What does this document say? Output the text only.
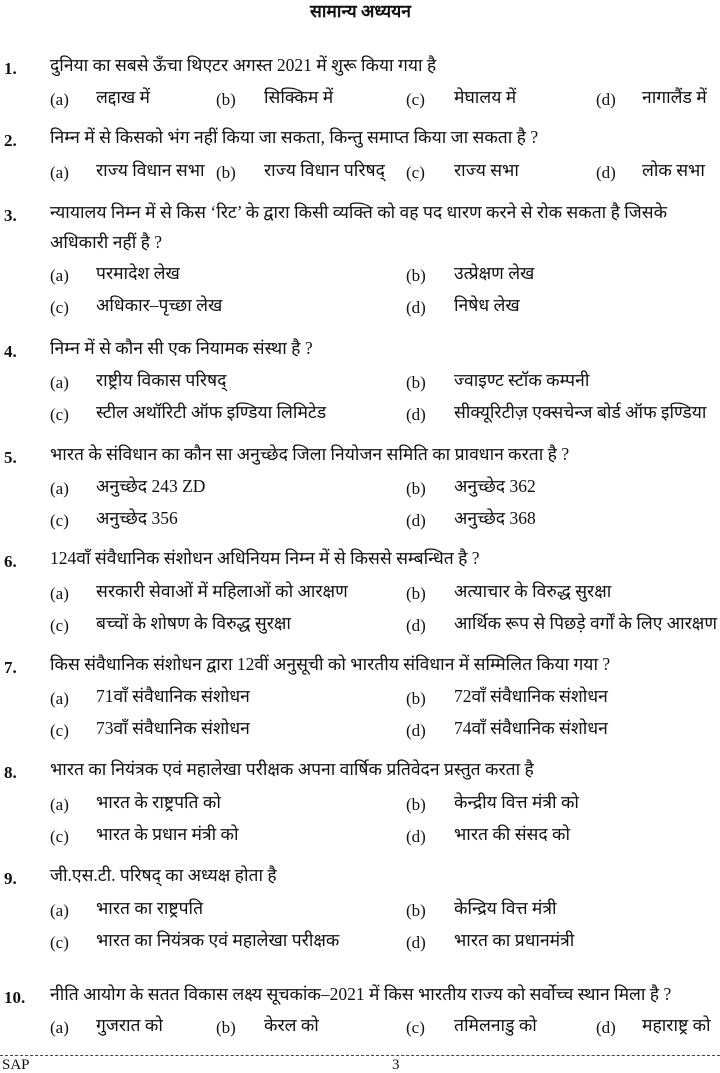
सामान्य अध्ययन
1. दुनिया का सबसे ऊँचा थिएटर अगस्त 2021 में शुरू किया गया है
(a) लद्दाख में	(b) सिक्किम में	(c) मेघालय में	(d) नागालैंड में
2. निम्न में से किसको भंग नहीं किया जा सकता, किन्तु समाप्त किया जा सकता है ?
(a) राज्य विधान सभा (b) राज्य विधान परिषद् (c) राज्य सभा	(d) लोक सभा
3. न्यायालय निम्न में से किस ‘रिट’ के द्वारा किसी व्यक्ति को वह पद धारण करने से रोक सकता है जिसके
अधिकारी नहीं है ?
(a) परमादेश लेख	(b) उत्प्रेक्षण लेख
(c) अधिकार–पृच्छा लेख	(d) निषेध लेख
4. निम्न में से कौन सी एक नियामक संस्था है ?
(a) राष्ट्रीय विकास परिषद्	(b) ज्वाइण्ट स्टॉक कम्पनी
(c) स्टील अथॉरिटी ऑफ इण्डिया लिमिटेड	(d) सीक्यूरिटीज़ एक्सचेन्ज बोर्ड ऑफ इण्डिया
5. भारत के संविधान का कौन सा अनुच्छेद जिला नियोजन समिति का प्रावधान करता है ?
(a) अनुच्छेद 243 ZD	(b) अनुच्छेद 362
(c) अनुच्छेद 356	(d) अनुच्छेद 368
6. 124वाँ संवैधानिक संशोधन अधिनियम निम्न में से किससे सम्बन्धित है ?
(a) सरकारी सेवाओं में महिलाओं को आरक्षण	(b) अत्याचार के विरुद्ध सुरक्षा
(c) बच्चों के शोषण के विरुद्ध सुरक्षा	(d) आर्थिक रूप से पिछड़े वर्गों के लिए आरक्षण
7. किस संवैधानिक संशोधन द्वारा 12वीं अनुसूची को भारतीय संविधान में सम्मिलित किया गया ?
(a) 71वाँ संवैधानिक संशोधन	(b) 72वाँ संवैधानिक संशोधन
(c) 73वाँ संवैधानिक संशोधन	(d) 74वाँ संवैधानिक संशोधन
8. भारत का नियंत्रक एवं महालेखा परीक्षक अपना वार्षिक प्रतिवेदन प्रस्तुत करता है
(a) भारत के राष्ट्रपति को	(b) केन्द्रीय वित्त मंत्री को
(c) भारत के प्रधान मंत्री को	(d) भारत की संसद को
9. जी.एस.टी. परिषद् का अध्यक्ष होता है
(a) भारत का राष्ट्रपति	(b) केन्द्रिय वित्त मंत्री
(c) भारत का नियंत्रक एवं महालेखा परीक्षक	(d) भारत का प्रधानमंत्री
10. नीति आयोग के सतत विकास लक्ष्य सूचकांक–2021 में किस भारतीय राज्य को सर्वोच्च स्थान मिला है ?
(a) गुजरात को	(b) केरल को	(c) तमिलनाडु को	(d) महाराष्ट्र को
SAP	3
